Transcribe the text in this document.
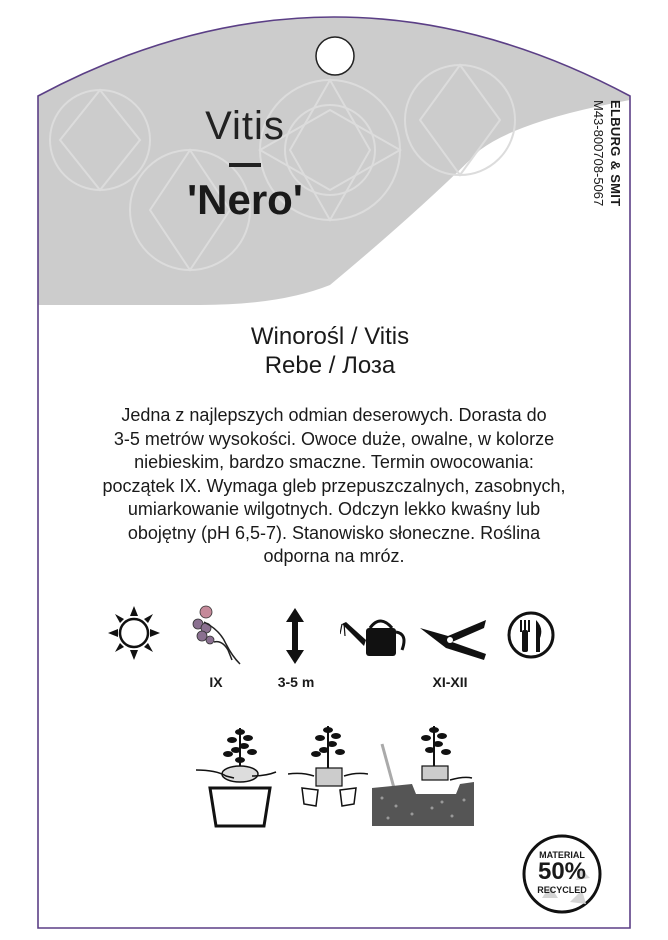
Vitis
'Nero'	ELBURG & SMIT
M43-800708-5067
Winorośl / Vitis
Rebe / Лоза
Jedna z najlepszych odmian deserowych. Dorasta do
3-5 metrów wysokości. Owoce duże, owalne, w kolorze
niebieskim, bardzo smaczne. Termin owocowania:
początek IX. Wymaga gleb przepuszczalnych, zasobnych,
umiarkowanie wilgotnych. Odczyn lekko kwaśny lub
obojętny (pH 6,5-7). Stanowisko słoneczne. Roślina
odporna na mróz.
IX	3-5 m	XI-XII
MATERIAL
50%
RECYCLED
